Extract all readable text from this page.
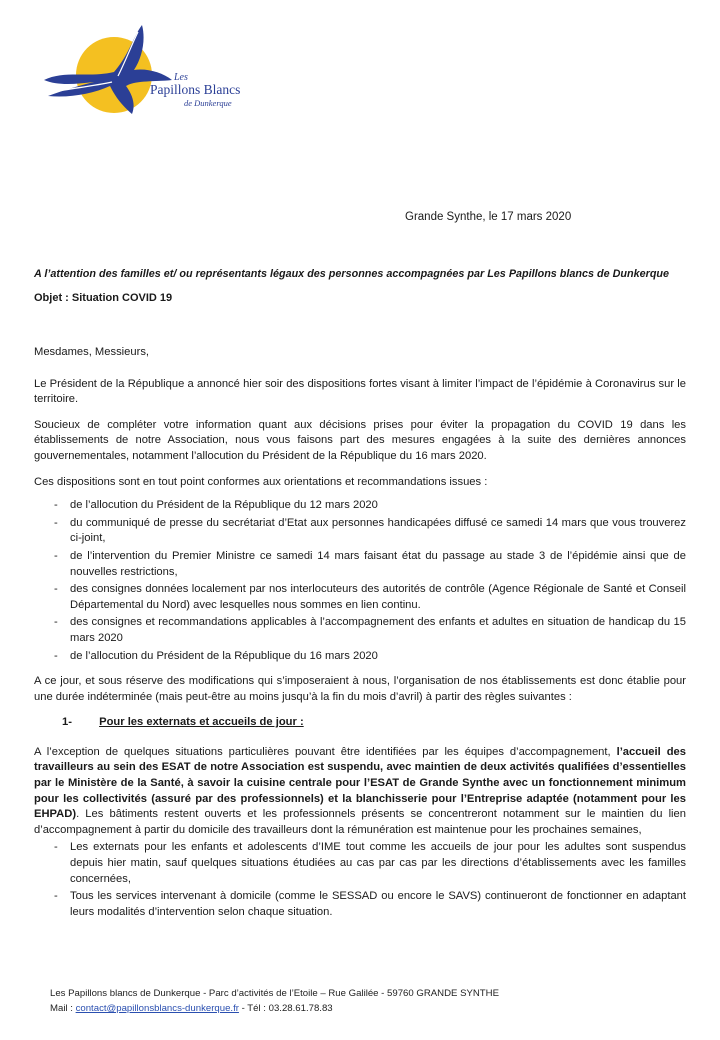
Les
Papillons Blancs
de Dunkerque
Grande Synthe, le 17 mars 2020
A l’attention des familles et/ ou représentants légaux des personnes accompagnées par Les Papillons blancs de Dunkerque
Objet : Situation COVID 19

Mesdames, Messieurs,

Le Président de la République a annoncé hier soir des dispositions fortes visant à limiter l’impact de l’épidémie à Coronavirus sur le territoire.

Soucieux de compléter votre information quant aux décisions prises pour éviter la propagation du COVID 19 dans les établissements de notre Association, nous vous faisons part des mesures engagées à la suite des dernières annonces gouvernementales, notamment l’allocution du Président de la République du 16 mars 2020.

Ces dispositions sont en tout point conformes aux orientations et recommandations issues :

- de l’allocution du Président de la République du 12 mars 2020
- du communiqué de presse du secrétariat d’Etat aux personnes handicapées diffusé ce samedi 14 mars que vous trouverez ci-joint,
- de l’intervention du Premier Ministre ce samedi 14 mars faisant état du passage au stade 3 de l’épidémie ainsi que de nouvelles restrictions,
- des consignes données localement par nos interlocuteurs des autorités de contrôle (Agence Régionale de Santé et Conseil Départemental du Nord) avec lesquelles nous sommes en lien continu.
- des consignes et recommandations applicables à l’accompagnement des enfants et adultes en situation de handicap du 15 mars 2020
- de l’allocution du Président de la République du 16 mars 2020

A ce jour, et sous réserve des modifications qui s’imposeraient à nous, l’organisation de nos établissements est donc établie pour une durée indéterminée (mais peut-être au moins jusqu’à la fin du mois d’avril) à partir des règles suivantes :

1- Pour les externats et accueils de jour :

A l’exception de quelques situations particulières pouvant être identifiées par les équipes d’accompagnement, l’accueil des travailleurs au sein des ESAT de notre Association est suspendu, avec maintien de deux activités qualifiées d’essentielles par le Ministère de la Santé, à savoir la cuisine centrale pour l’ESAT de Grande Synthe avec un fonctionnement minimum pour les collectivités (assuré par des professionnels) et la blanchisserie pour l’Entreprise adaptée (notamment pour les EHPAD). Les bâtiments restent ouverts et les professionnels présents se concentreront notamment sur le maintien du lien d’accompagnement à partir du domicile des travailleurs dont la rémunération est maintenue pour les prochaines semaines,

- Les externats pour les enfants et adolescents d’IME tout comme les accueils de jour pour les adultes sont suspendus depuis hier matin, sauf quelques situations étudiées au cas par cas par les directions d’établissements avec les familles concernées,
- Tous les services intervenant à domicile (comme le SESSAD ou encore le SAVS) continueront de fonctionner en adaptant leurs modalités d’intervention selon chaque situation.
Les Papillons blancs de Dunkerque - Parc d’activités de l’Etoile – Rue Galilée - 59760 GRANDE SYNTHE
Mail : contact@papillonsblancs-dunkerque.fr - Tél : 03.28.61.78.83
